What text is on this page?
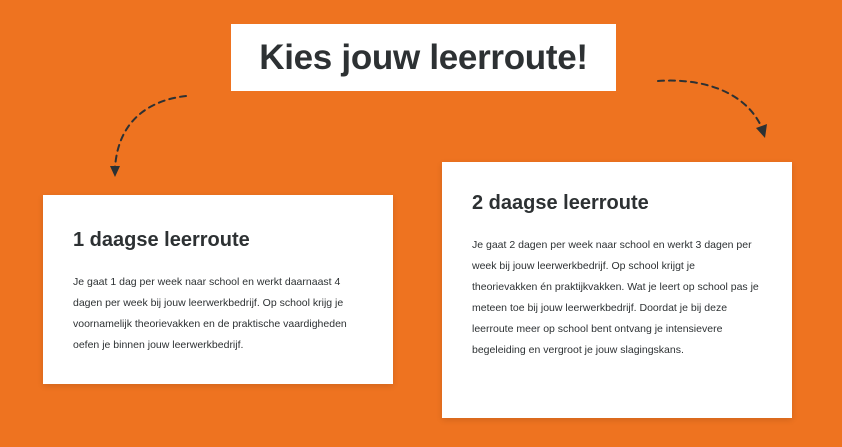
Kies jouw leerroute!
1 daagse leerroute

Je gaat 1 dag per week naar school en werkt daarnaast 4 dagen per week bij jouw leerwerkbedrijf. Op school krijg je voornamelijk theorievakken en de praktische vaardigheden oefen je binnen jouw leerwerkbedrijf.

2 daagse leerroute

Je gaat 2 dagen per week naar school en werkt 3 dagen per week bij jouw leerwerkbedrijf. Op school krijgt je theorievakken én praktijkvakken. Wat je leert op school pas je meteen toe bij jouw leerwerkbedrijf. Doordat je bij deze leerroute meer op school bent ontvang je intensievere begeleiding en vergroot je jouw slagingskans.
